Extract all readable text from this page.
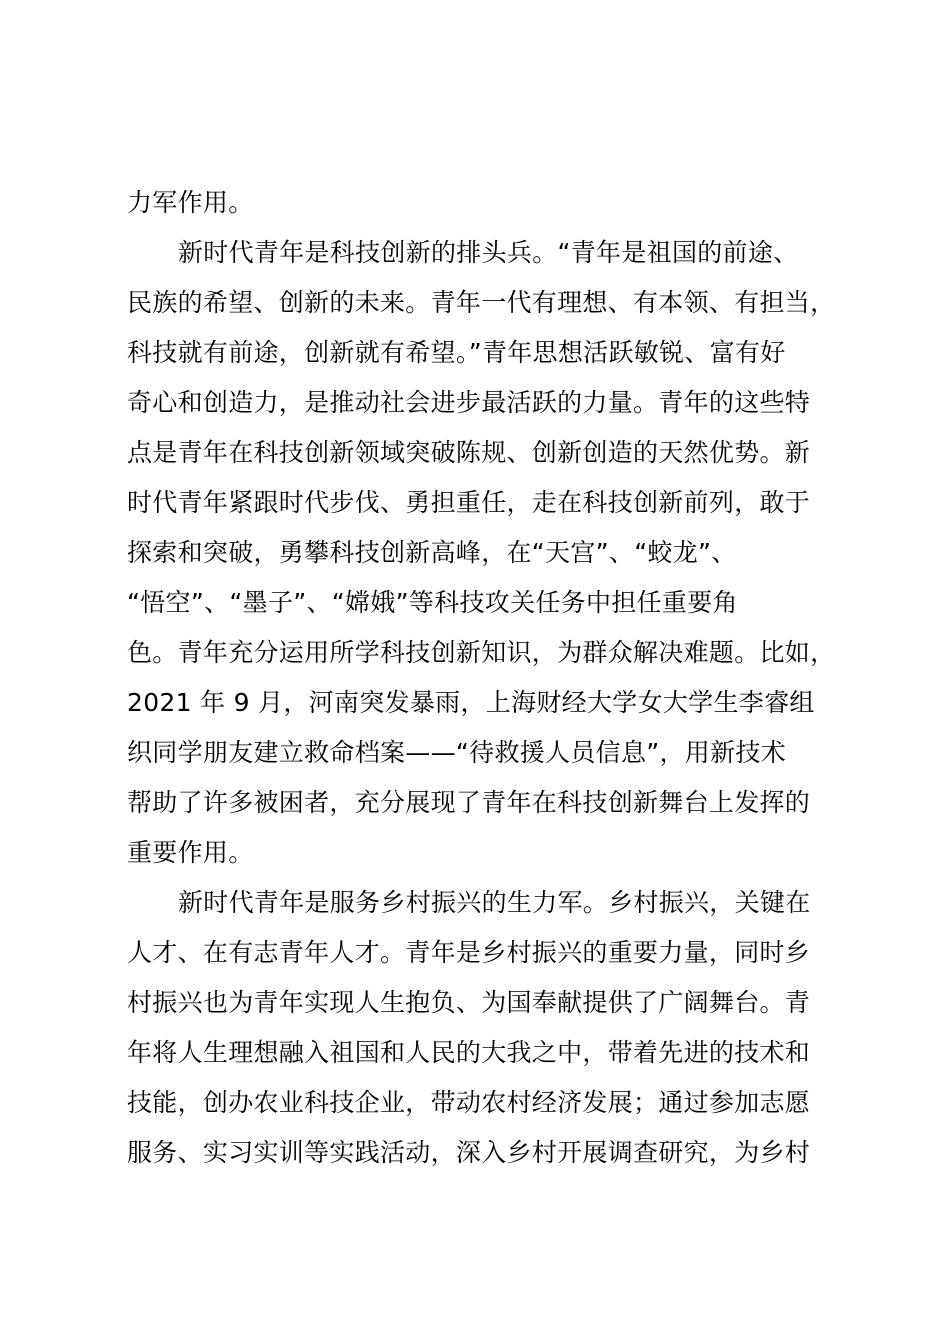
力军作用。
新时代青年是科技创新的排头兵。“青年是祖国的前途、
民族的希望、创新的未来。青年一代有理想、有本领、有担当，
科技就有前途，创新就有希望。”青年思想活跃敏锐、富有好
奇心和创造力，是推动社会进步最活跃的力量。青年的这些特
点是青年在科技创新领域突破陈规、创新创造的天然优势。新
时代青年紧跟时代步伐、勇担重任，走在科技创新前列，敢于
探索和突破，勇攀科技创新高峰，在“天宫”、“蛟龙”、
“悟空”、“墨子”、“嫦娥”等科技攻关任务中担任重要角
色。青年充分运用所学科技创新知识，为群众解决难题。比如，
2021 年 9 月，河南突发暴雨，上海财经大学女大学生李睿组
织同学朋友建立救命档案——“待救援人员信息”，用新技术
帮助了许多被困者，充分展现了青年在科技创新舞台上发挥的
重要作用。
新时代青年是服务乡村振兴的生力军。乡村振兴，关键在
人才、在有志青年人才。青年是乡村振兴的重要力量，同时乡
村振兴也为青年实现人生抱负、为国奉献提供了广阔舞台。青
年将人生理想融入祖国和人民的大我之中，带着先进的技术和
技能，创办农业科技企业，带动农村经济发展；通过参加志愿
服务、实习实训等实践活动，深入乡村开展调查研究，为乡村
